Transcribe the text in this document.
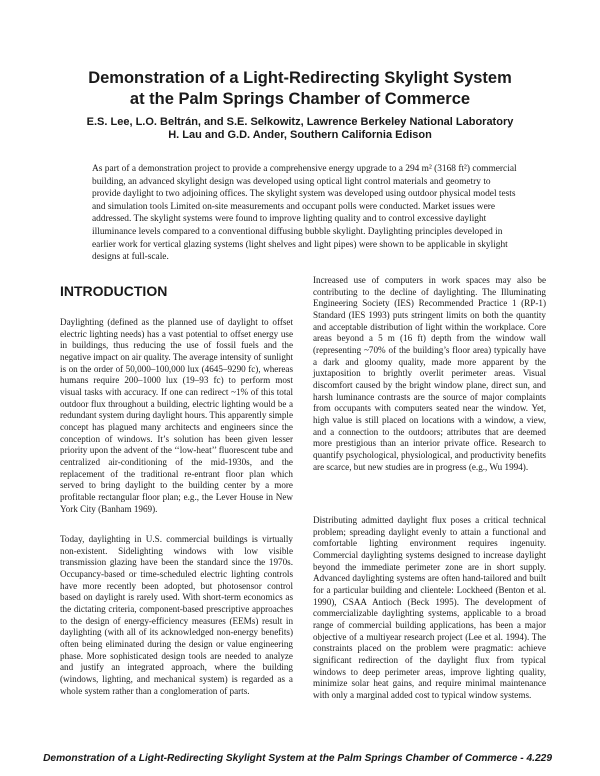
Demonstration of a Light-Redirecting Skylight System
at the Palm Springs Chamber of Commerce
E.S. Lee, L.O. Beltrán, and S.E. Selkowitz, Lawrence Berkeley National Laboratory
H. Lau and G.D. Ander, Southern California Edison

As part of a demonstration project to provide a comprehensive energy upgrade to a 294 m² (3168 ft²) commercial building, an advanced skylight design was developed using optical light control materials and geometry to provide daylight to two adjoining offices. The skylight system was developed using outdoor physical model tests and simulation tools Limited on-site measurements and occupant polls were conducted. Market issues were addressed. The skylight systems were found to improve lighting quality and to control excessive daylight illuminance levels compared to a conventional diffusing bubble skylight. Daylighting principles developed in earlier work for vertical glazing systems (light shelves and light pipes) were shown to be applicable in skylight designs at full-scale.

INTRODUCTION

Daylighting (defined as the planned use of daylight to offset electric lighting needs) has a vast potential to offset energy use in buildings, thus reducing the use of fossil fuels and the negative impact on air quality. The average intensity of sunlight is on the order of 50,000–100,000 lux (4645–9290 fc), whereas humans require 200–1000 lux (19–93 fc) to perform most visual tasks with accuracy. If one can redirect ~1% of this total outdoor flux throughout a building, electric lighting would be a redundant system during daylight hours. This apparently simple concept has plagued many architects and engineers since the conception of windows. It’s solution has been given lesser priority upon the advent of the ‘‘low-heat’’ fluorescent tube and centralized air-conditioning of the mid-1930s, and the replacement of the traditional re-entrant floor plan which served to bring daylight to the building center by a more profitable rectangular floor plan; e.g., the Lever House in New York City (Banham 1969).

Today, daylighting in U.S. commercial buildings is virtually non-existent. Sidelighting windows with low visible transmission glazing have been the standard since the 1970s. Occupancy-based or time-scheduled electric lighting controls have more recently been adopted, but photosensor control based on daylight is rarely used. With short-term economics as the dictating criteria, component-based prescriptive approaches to the design of energy-efficiency measures (EEMs) result in daylighting (with all of its acknowledged non-energy benefits) often being eliminated during the design or value engineering phase. More sophisticated design tools are needed to analyze and justify an integrated approach, where the building (windows, lighting, and mechanical system) is regarded as a whole system rather than a conglomeration of parts.

Increased use of computers in work spaces may also be contributing to the decline of daylighting. The Illuminating Engineering Society (IES) Recommended Practice 1 (RP-1) Standard (IES 1993) puts stringent limits on both the quantity and acceptable distribution of light within the workplace. Core areas beyond a 5 m (16 ft) depth from the window wall (representing ~70% of the building’s floor area) typically have a dark and gloomy quality, made more apparent by the juxtaposition to brightly overlit perimeter areas. Visual discomfort caused by the bright window plane, direct sun, and harsh luminance contrasts are the source of major complaints from occupants with computers seated near the window. Yet, high value is still placed on locations with a window, a view, and a connection to the outdoors; attributes that are deemed more prestigious than an interior private office. Research to quantify psychological, physiological, and productivity benefits are scarce, but new studies are in progress (e.g., Wu 1994).

Distributing admitted daylight flux poses a critical technical problem; spreading daylight evenly to attain a functional and comfortable lighting environment requires ingenuity. Commercial daylighting systems designed to increase daylight beyond the immediate perimeter zone are in short supply. Advanced daylighting systems are often hand-tailored and built for a particular building and clientele: Lockheed (Benton et al. 1990), CSAA Antioch (Beck 1995). The development of commercializable daylighting systems, applicable to a broad range of commercial building applications, has been a major objective of a multiyear research project (Lee et al. 1994). The constraints placed on the problem were pragmatic: achieve significant redirection of the daylight flux from typical windows to deep perimeter areas, improve lighting quality, minimize solar heat gains, and require minimal maintenance with only a marginal added cost to typical window systems.

Demonstration of a Light-Redirecting Skylight System at the Palm Springs Chamber of Commerce - 4.229
